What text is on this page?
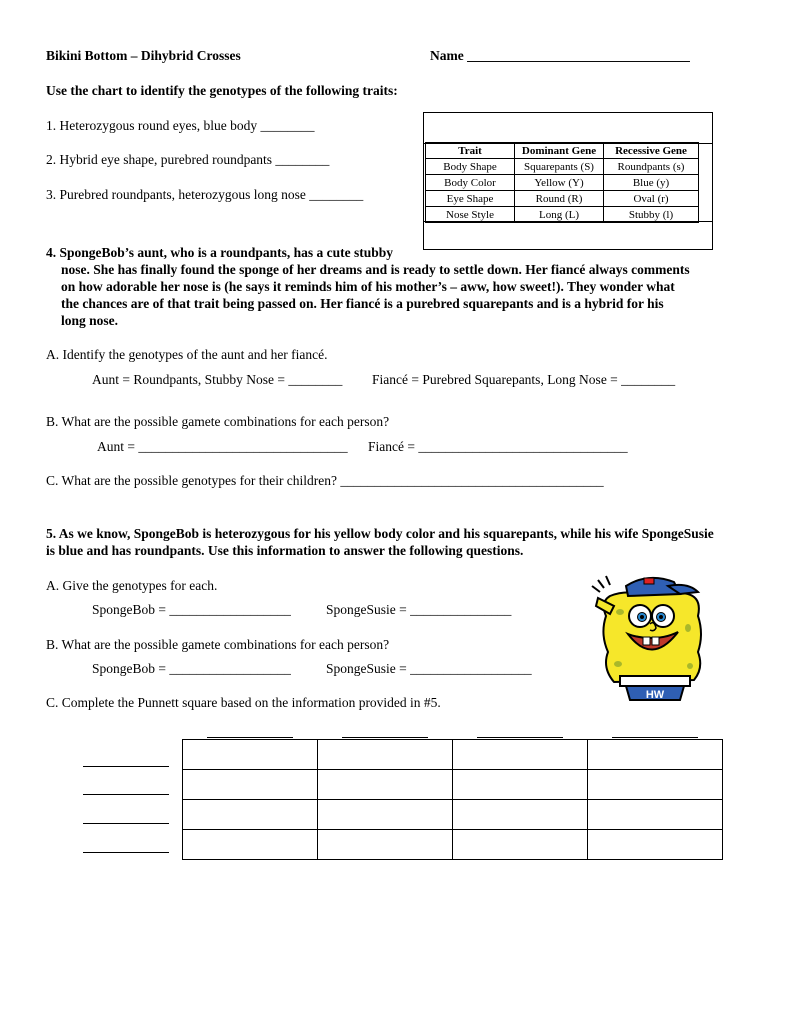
Bikini Bottom – Dihybrid Crosses	Name _________________________________
Use the chart to identify the genotypes of the following traits:
1. Heterozygous round eyes, blue body ________
2. Hybrid eye shape, purebred roundpants ________
3. Purebred roundpants, heterozygous long nose ________
Trait	Dominant Gene	Recessive Gene
Body Shape	Squarepants (S)	Roundpants (s)
Body Color	Yellow (Y)	Blue (y)
Eye Shape	Round (R)	Oval (r)
Nose Style	Long (L)	Stubby (l)
4. SpongeBob’s aunt, who is a roundpants, has a cute stubby
nose. She has finally found the sponge of her dreams and is ready to settle down. Her fiancé always comments
on how adorable her nose is (he says it reminds him of his mother’s – aww, how sweet!). They wonder what
the chances are of that trait being passed on. Her fiancé is a purebred squarepants and is a hybrid for his
long nose.
A. Identify the genotypes of the aunt and her fiancé.
Aunt = Roundpants, Stubby Nose = ________ Fiancé = Purebred Squarepants, Long Nose = ________
B. What are the possible gamete combinations for each person?
Aunt = _______________________________ Fiancé = _______________________________
C. What are the possible genotypes for their children? _______________________________________
5. As we know, SpongeBob is heterozygous for his yellow body color and his squarepants, while his wife SpongeSusie
is blue and has roundpants. Use this information to answer the following questions.
A. Give the genotypes for each.
SpongeBob = __________________	SpongeSusie = _______________
B. What are the possible gamete combinations for each person?
SpongeBob = __________________	SpongeSusie = __________________
C. Complete the Punnett square based on the information provided in #5.	HW
